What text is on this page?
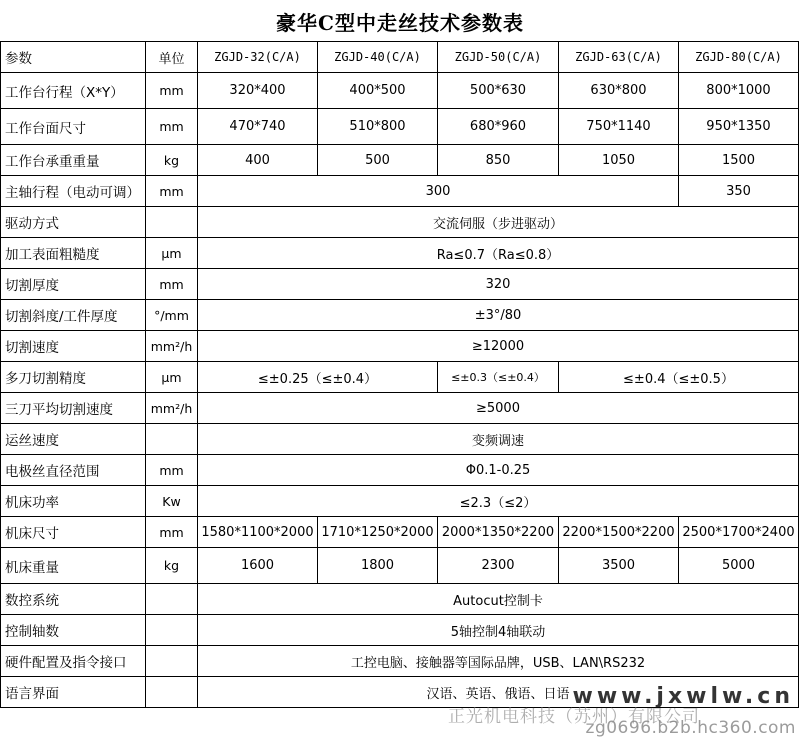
豪华C型中走丝技术参数表
参数	单位	ZGJD-32(C/A)	ZGJD-40(C/A)	ZGJD-50(C/A)	ZGJD-63(C/A)	ZGJD-80(C/A)
工作台行程（X*Y）	mm	320*400	400*500	500*630	630*800	800*1000
工作台面尺寸	mm	470*740	510*800	680*960	750*1140	950*1350
工作台承重重量	kg	400	500	850	1050	1500
主轴行程（电动可调）	mm	300				350
驱动方式		交流伺服（步进驱动）				
加工表面粗糙度	μm	Ra≤0.7（Ra≤0.8）				
切割厚度	mm	320				
切割斜度/工件厚度	°/mm	±3°/80				
切割速度	mm²/h	≥12000				
多刀切割精度	μm	≤±0.25（≤±0.4）		≤±0.3（≤±0.4）	≤±0.4（≤±0.5）	
三刀平均切割速度	mm²/h	≥5000				
运丝速度		变频调速				
电极丝直径范围	mm	Φ0.1-0.25				
机床功率	Kw	≤2.3（≤2）				
机床尺寸	mm	1580*1100*2000	1710*1250*2000	2000*1350*2200	2200*1500*2200	2500*1700*2400
机床重量	kg	1600	1800	2300	3500	5000
数控系统		Autocut控制卡				
控制轴数		5轴控制4轴联动				
硬件配置及指令接口		工控电脑、接触器等国际品牌，USB、LAN\RS232				
语言界面		汉语、英语、俄语、日语				www.jxwlw.cn
正光机电科技（苏州）有限公司
zg0696.b2b.hc360.com
